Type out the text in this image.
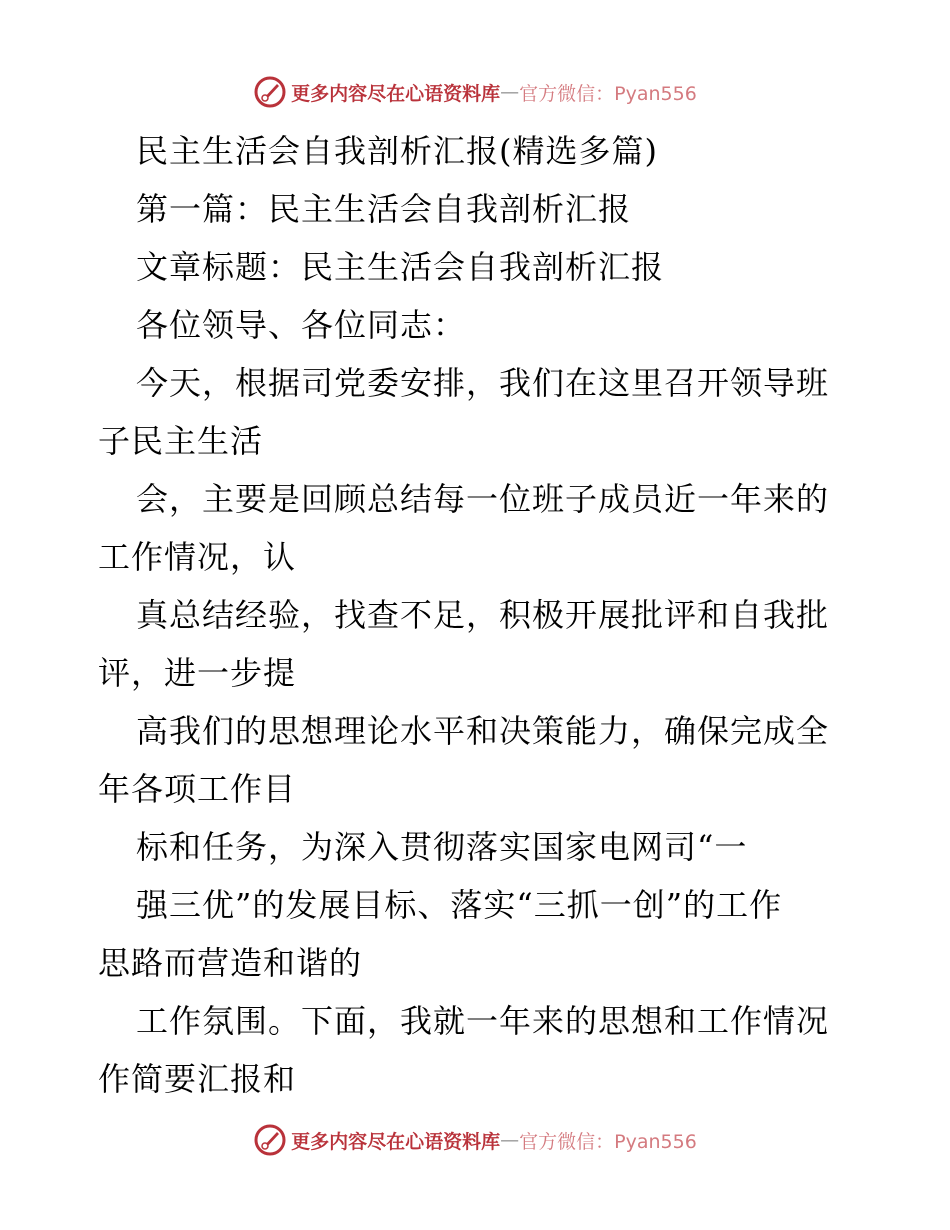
更多内容尽在心语资料库 — 官方微信：Pyan556
民主生活会自我剖析汇报(精选多篇)
第一篇：民主生活会自我剖析汇报
文章标题：民主生活会自我剖析汇报
各位领导、各位同志：
今天，根据司党委安排，我们在这里召开领导班
子民主生活
会，主要是回顾总结每一位班子成员近一年来的
工作情况，认
真总结经验，找查不足，积极开展批评和自我批
评，进一步提
高我们的思想理论水平和决策能力，确保完成全
年各项工作目
标和任务，为深入贯彻落实国家电网司“一
强三优”的发展目标、落实“三抓一创”的工作
思路而营造和谐的
工作氛围。下面，我就一年来的思想和工作情况
作简要汇报和
更多内容尽在心语资料库 — 官方微信：Pyan556
